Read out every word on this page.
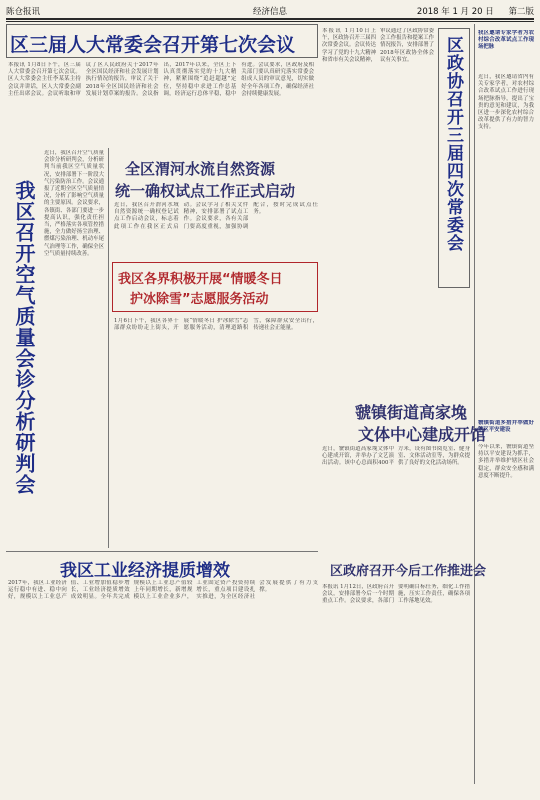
陈仓报讯	经济信息	2018 年 1 月 20 日 第二版
区三届人大常委会召开第七次会议
本报讯 1月8日下午，区三届人大常委会召开第七次会议。区人大常委会主任李某某主持会议并讲话，区人大常委会副主任出席会议。会议听取和审议了区人民政府关于2017年全区国民经济和社会发展计划执行情况的报告，审议了关于2018年全区国民经济和社会发展计划草案的报告。会议指出，2017年以来，全区上下认真贯彻落实党的十九大精神，紧紧围绕“追赶超越”定位，坚持稳中求进工作总基调，经济运行总体平稳，稳中有进。会议要求，区政府及相关部门要认真研究落实常委会组成人员的审议意见，切实做好全年各项工作，确保经济社会持续健康发展。
我区召开空气质量会诊分析研判会
近日，我区召开空气质量会诊分析研判会，分析研判当前我区空气质量状况，安排部署下一阶段大气污染防治工作。会议通报了近期全区空气质量情况，分析了影响空气质量的主要原因。会议要求，各镇街、各部门要进一步提高认识，强化责任担当，严格落实各项管控措施，全力做好扬尘治理、燃煤污染治理、机动车尾气治理等工作，确保全区空气质量持续改善。
全区渭河水流自然资源
统一确权试点工作正式启动
近日，我区召开渭河水域自然资源统一确权登记试点工作启动会议，标志着此项工作在我区正式启动。会议学习了相关文件精神，安排部署了试点工作。会议要求，各有关部门要高度重视，加强协调配合，按时完成试点任务。
我区各界积极开展“情暖冬日
护冰除雪”志愿服务活动
1月6日下午，我区各界干部群众纷纷走上街头，开展“情暖冬日 护冰除雪”志愿服务活动，清理道路积雪，保障群众安全出行，传递社会正能量。
区政协召开三届四次常委会
本报讯 1月10日上午，区政协召开三届四次常委会议。会议传达学习了党的十九大精神和省市有关会议精神，审议通过了区政协常委会工作报告和提案工作情况报告，安排部署了2018年区政协全体会议有关事宜。
我区邀请专家学者为农村综合改革试点工作现场把脉
近日，我区邀请省内有关专家学者，对农村综合改革试点工作进行现场把脉指导，提出了宝贵的意见和建议，为我区进一步深化农村综合改革提供了有力的智力支持。
虢镇街道多措并举做好辖区平安建设
今年以来，虢镇街道坚持以平安建设为抓手，多措并举维护辖区社会稳定，群众安全感和满意度不断提升。
虢镇街道高家堍
文体中心建成开馆
近日，虢镇街道高家堍文体中心建成开馆，并举办了文艺演出活动。该中心总面积400平方米，设有图书阅览室、健身室、文体活动室等，为群众提供了良好的文化活动场所。
我区工业经济提质增效
2017年，我区工业经济运行稳中有进、稳中向好，规模以上工业总产值、工业增加值稳步增长，工业经济提质增效成效明显。全年共完成规模以上工业总产值较上年同期增长，新增规模以上工业企业多户，工业固定资产投资持续增长，重点项目建设扎实推进，为全区经济社会发展提供了有力支撑。
区政府召开今后工作推进会
本报讯 1月12日，区政府召开会议，安排部署今后一个时期重点工作。会议要求，各部门要明确目标任务，细化工作措施，压实工作责任，确保各项工作落地见效。
